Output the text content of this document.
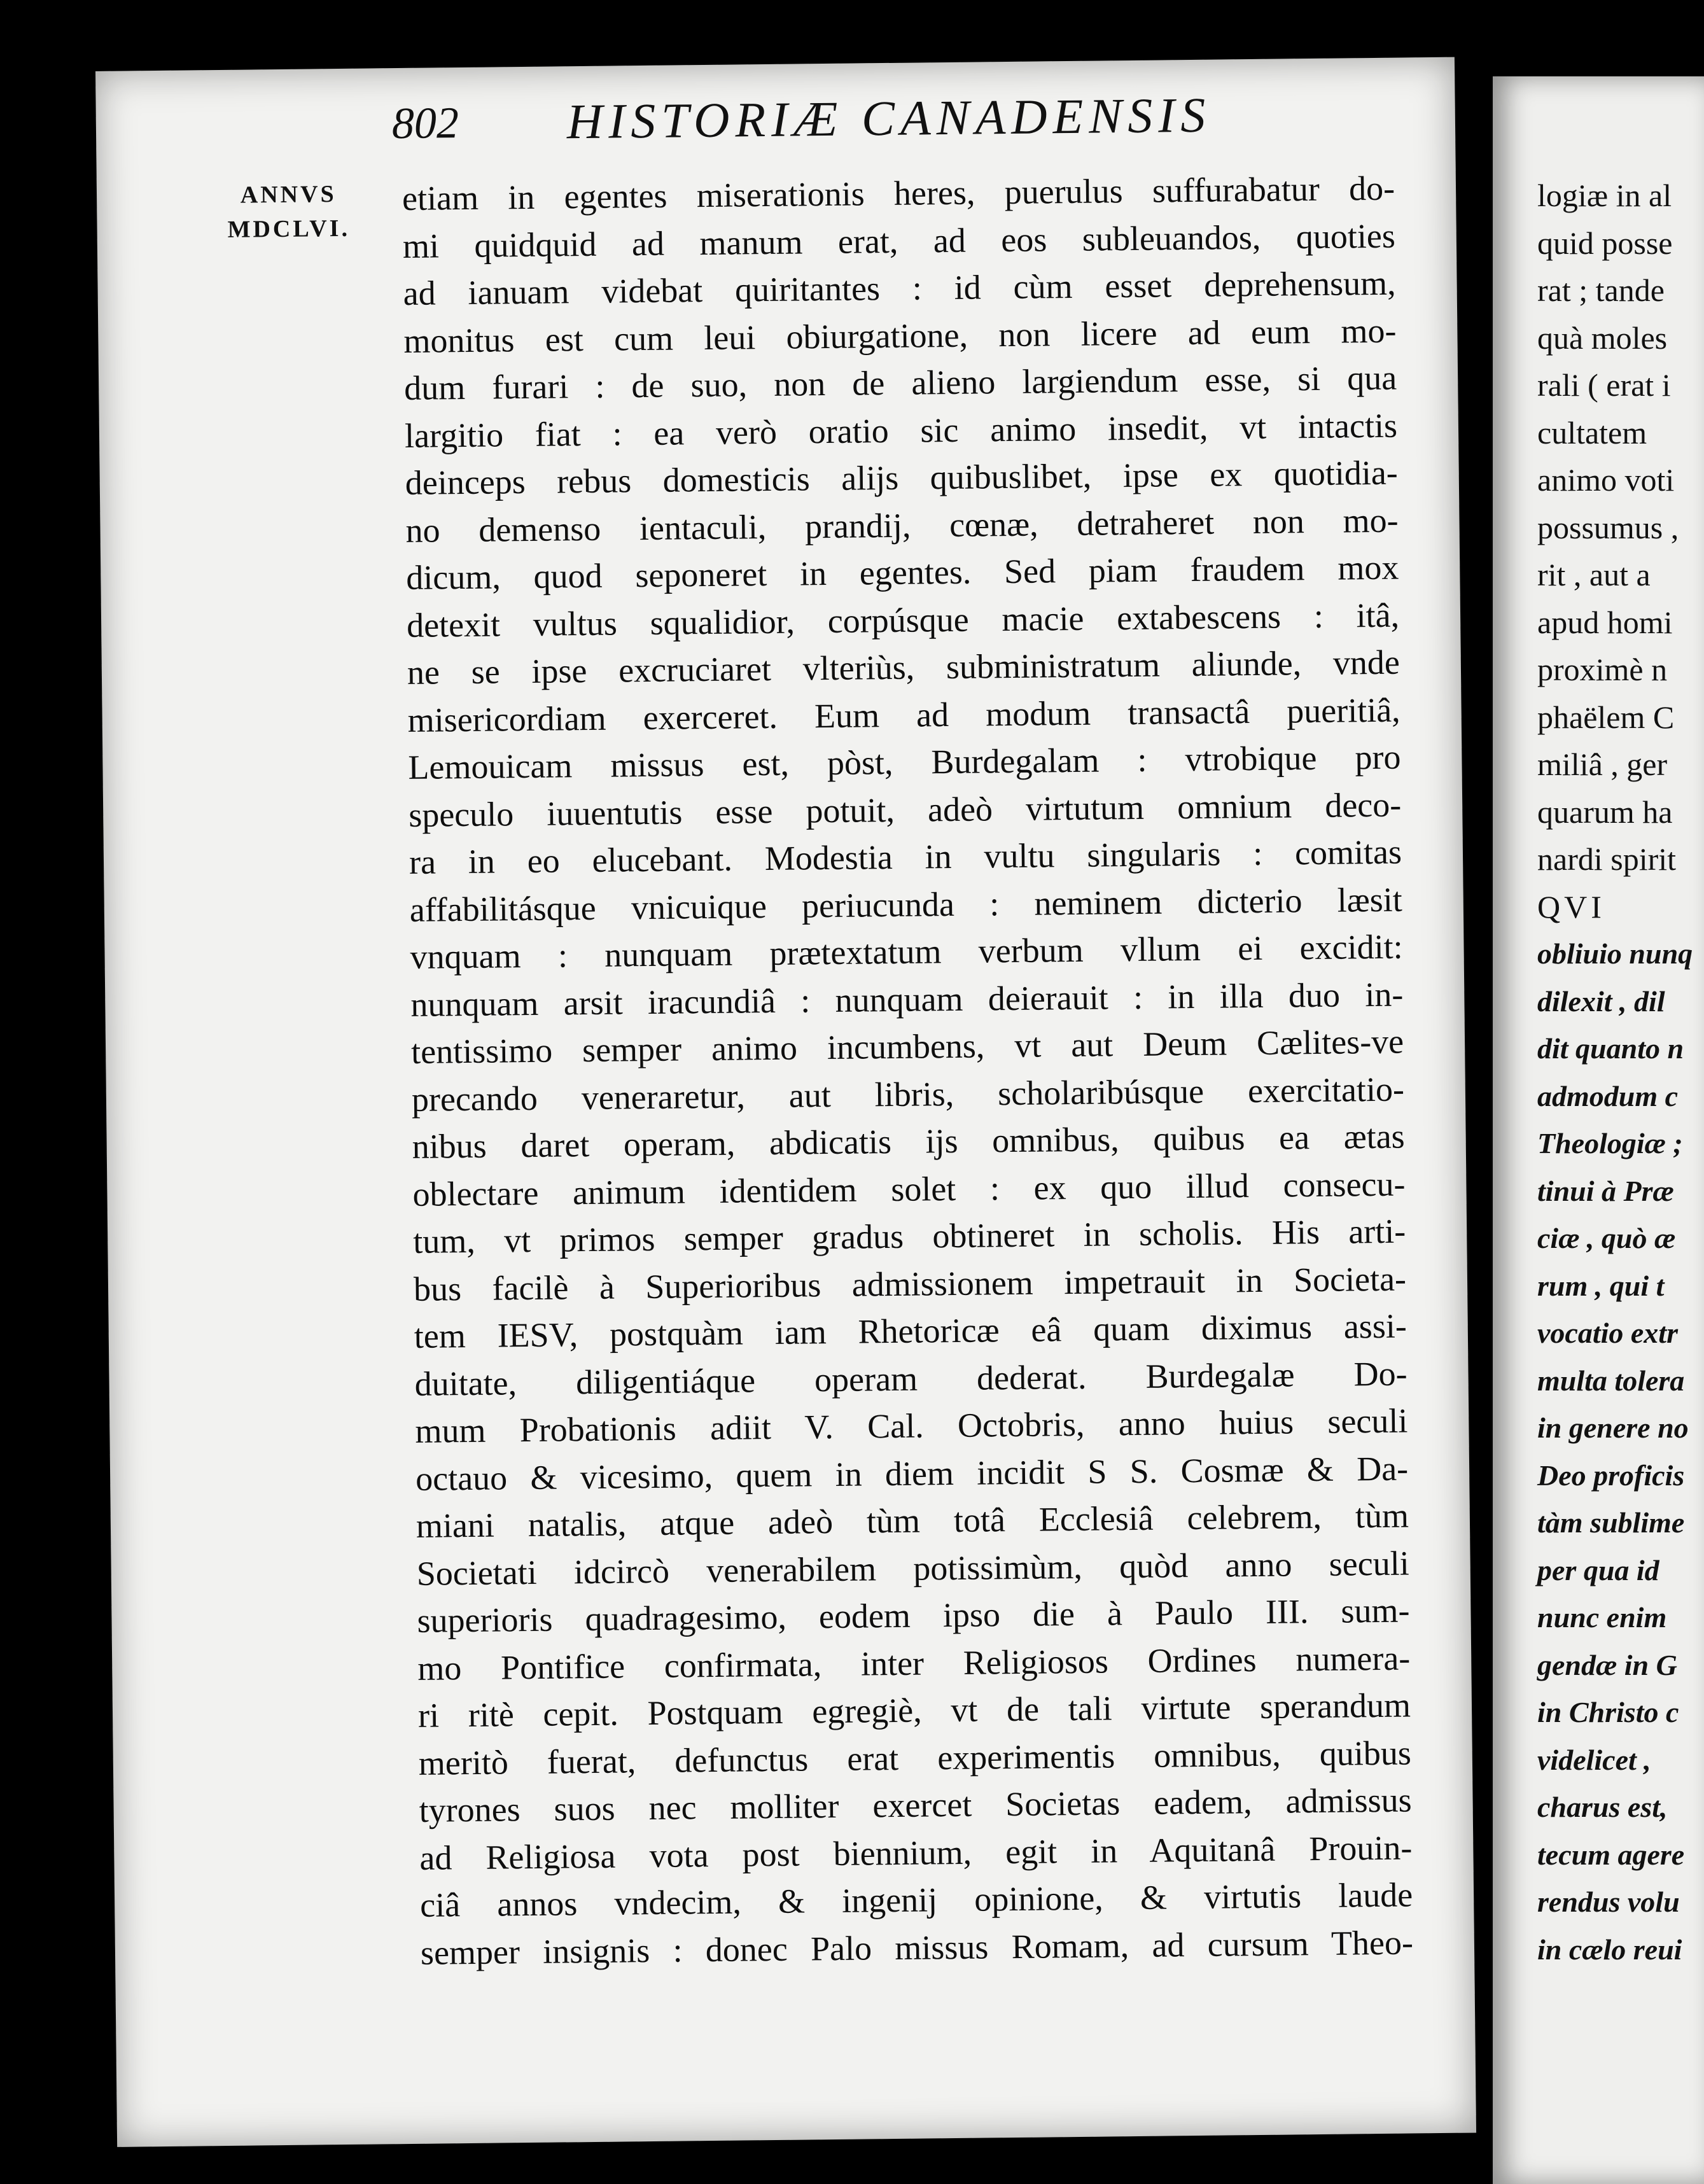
802 HISTORIÆ CANADENSIS
ANNVS
MDCLVI.
etiam in egentes miserationis heres, puerulus suffurabatur do-
mi quidquid ad manum erat, ad eos subleuandos, quoties
ad ianuam videbat quiritantes : id cùm esset deprehensum,
monitus est cum leui obiurgatione, non licere ad eum mo-
dum furari : de suo, non de alieno largiendum esse, si qua
largitio fiat : ea verò oratio sic animo insedit, vt intactis
deinceps rebus domesticis alijs quibuslibet, ipse ex quotidia-
no demenso ientaculi, prandij, cœnæ, detraheret non mo-
dicum, quod seponeret in egentes. Sed piam fraudem mox
detexit vultus squalidior, corpúsque macie extabescens : itâ,
ne se ipse excruciaret vlteriùs, subministratum aliunde, vnde
misericordiam exerceret. Eum ad modum transactâ pueritiâ,
Lemouicam missus est, pòst, Burdegalam : vtrobique pro
speculo iuuentutis esse potuit, adeò virtutum omnium deco-
ra in eo elucebant. Modestia in vultu singularis : comitas
affabilitásque vnicuique periucunda : neminem dicterio læsit
vnquam : nunquam prætextatum verbum vllum ei excidit:
nunquam arsit iracundiâ : nunquam deierauit : in illa duo in-
tentissimo semper animo incumbens, vt aut Deum Cælites-ve
precando veneraretur, aut libris, scholaribúsque exercitatio-
nibus daret operam, abdicatis ijs omnibus, quibus ea ætas
oblectare animum identidem solet : ex quo illud consecu-
tum, vt primos semper gradus obtineret in scholis. His arti-
bus facilè à Superioribus admissionem impetrauit in Societa-
tem IESV, postquàm iam Rhetoricæ eâ quam diximus assi-
duitate, diligentiáque operam dederat. Burdegalæ Do-
mum Probationis adiit V. Cal. Octobris, anno huius seculi
octauo & vicesimo, quem in diem incidit S S. Cosmæ & Da-
miani natalis, atque adeò tùm totâ Ecclesiâ celebrem, tùm
Societati idcircò venerabilem potissimùm, quòd anno seculi
superioris quadragesimo, eodem ipso die à Paulo III. sum-
mo Pontifice confirmata, inter Religiosos Ordines numera-
ri ritè cepit. Postquam egregiè, vt de tali virtute sperandum
meritò fuerat, defunctus erat experimentis omnibus, quibus
tyrones suos nec molliter exercet Societas eadem, admissus
ad Religiosa vota post biennium, egit in Aquitanâ Prouin-
ciâ annos vndecim, & ingenij opinione, & virtutis laude
semper insignis : donec Palo missus Romam, ad cursum Theo-
logiæ in al
quid posse
rat ; tande
quà moles
rali ( erat i
cultatem
animo voti
possumus ,
rit , aut a
apud homi
proximè n
phaëlem C
miliâ , ger
quarum ha
nardi spirit
QVI
obliuio nunq
dilexit , dil
dit quanto n
admodum c
Theologiæ ;
tinui à Præ
ciæ , quò æ
rum , qui t
vocatio extr
multa tolera
in genere no
Deo proficis
tàm sublime
per qua id
nunc enim
gendæ in G
in Christo c
videlicet ,
charus est,
tecum agere
rendus volu
in cælo reui
